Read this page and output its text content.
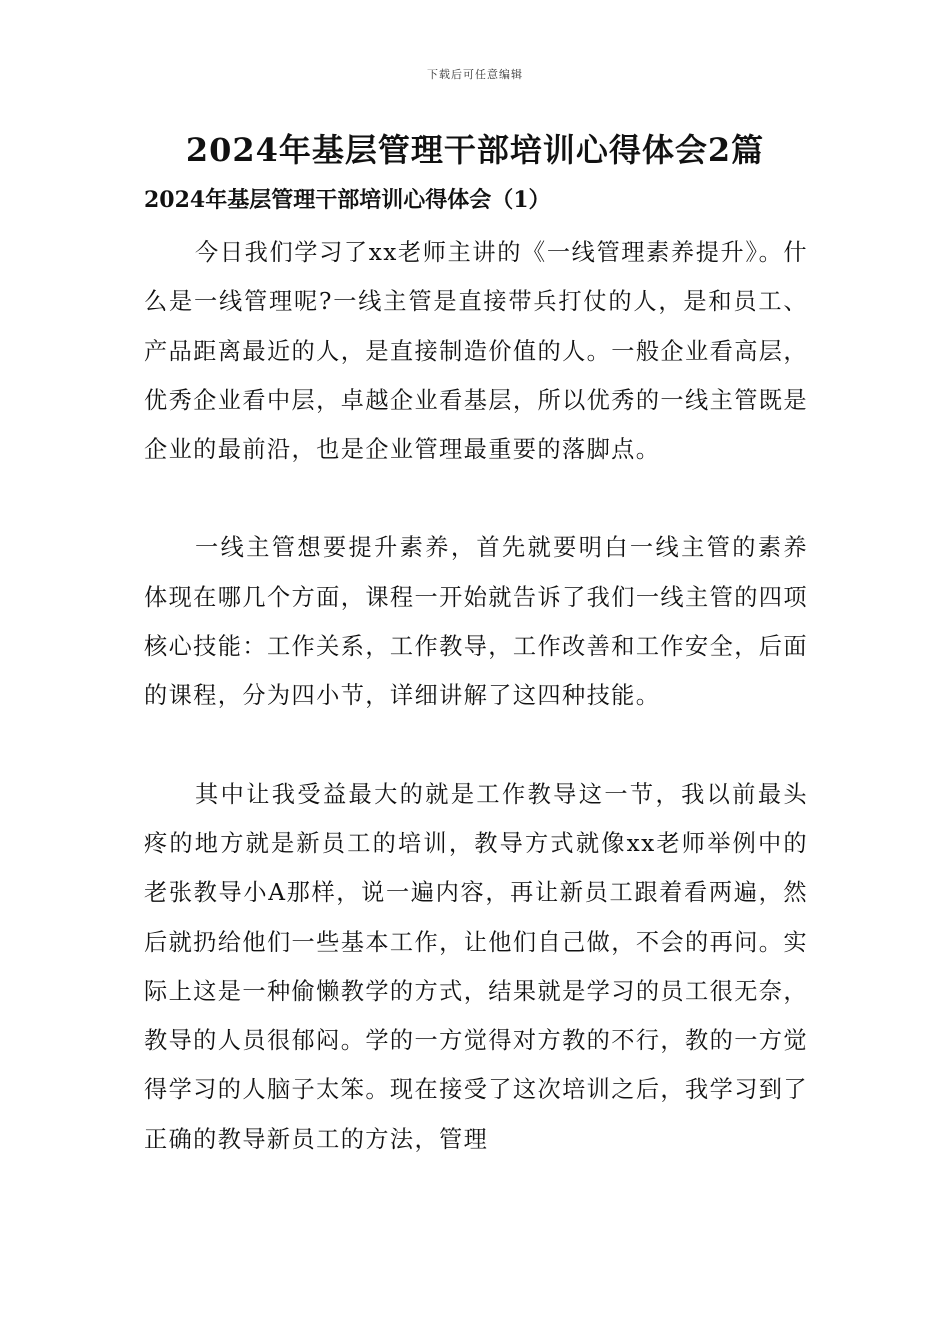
下载后可任意编辑
2024年基层管理干部培训心得体会2篇
2024年基层管理干部培训心得体会（1）

今日我们学习了xx老师主讲的《一线管理素养提升》。什么是一线管理呢?一线主管是直接带兵打仗的人，是和员工、产品距离最近的人，是直接制造价值的人。一般企业看高层，优秀企业看中层，卓越企业看基层，所以优秀的一线主管既是企业的最前沿，也是企业管理最重要的落脚点。

一线主管想要提升素养，首先就要明白一线主管的素养体现在哪几个方面，课程一开始就告诉了我们一线主管的四项核心技能：工作关系，工作教导，工作改善和工作安全，后面的课程，分为四小节，详细讲解了这四种技能。

其中让我受益最大的就是工作教导这一节，我以前最头疼的地方就是新员工的培训，教导方式就像xx老师举例中的老张教导小A那样，说一遍内容，再让新员工跟着看两遍，然后就扔给他们一些基本工作，让他们自己做，不会的再问。实际上这是一种偷懒教学的方式，结果就是学习的员工很无奈，教导的人员很郁闷。学的一方觉得对方教的不行，教的一方觉得学习的人脑子太笨。现在接受了这次培训之后，我学习到了正确的教导新员工的方法，管理
